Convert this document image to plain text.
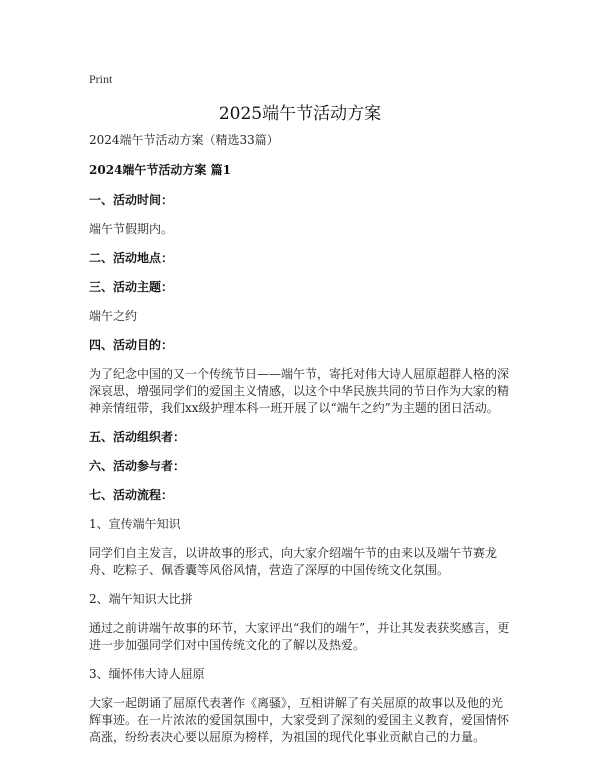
Print
2025端午节活动方案

2024端午节活动方案（精选33篇）

2024端午节活动方案 篇1

一、活动时间：

端午节假期内。

二、活动地点：

三、活动主题：

端午之约

四、活动目的：

为了纪念中国的又一个传统节日——端午节，寄托对伟大诗人屈原超群人格的深深哀思，增强同学们的爱国主义情感，以这个中华民族共同的节日作为大家的精神亲情纽带，我们xx级护理本科一班开展了以“端午之约”为主题的团日活动。

五、活动组织者：

六、活动参与者：

七、活动流程：

1、宣传端午知识

同学们自主发言，以讲故事的形式，向大家介绍端午节的由来以及端午节赛龙舟、吃粽子、佩香囊等风俗风情，营造了深厚的中国传统文化氛围。

2、端午知识大比拼

通过之前讲端午故事的环节，大家评出“我们的端午”，并让其发表获奖感言，更进一步加强同学们对中国传统文化的了解以及热爱。

3、缅怀伟大诗人屈原

大家一起朗诵了屈原代表著作《离骚》，互相讲解了有关屈原的故事以及他的光辉事迹。在一片浓浓的爱国氛围中，大家受到了深刻的爱国主义教育，爱国情怀高涨，纷纷表决心要以屈原为榜样，为祖国的现代化事业贡献自己的力量。
